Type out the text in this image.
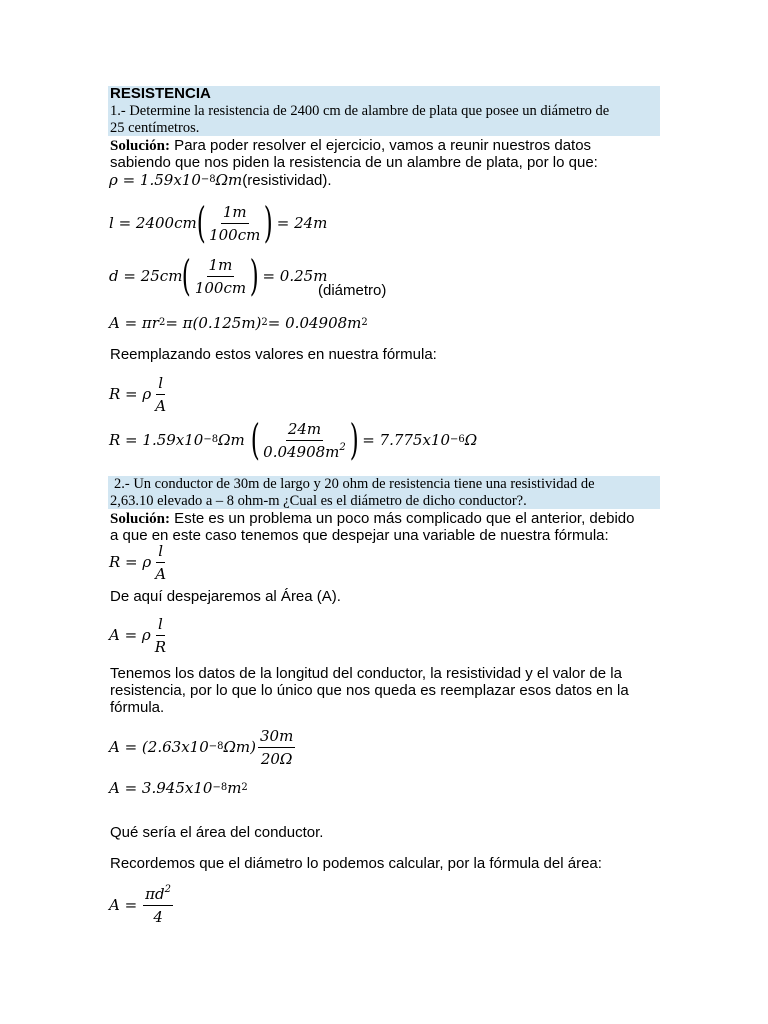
RESISTENCIA
1.- Determine la resistencia de 2400 cm de alambre de plata que posee un diámetro de
25 centímetros.
Solución: Para poder resolver el ejercicio, vamos a reunir nuestros datos
sabiendo que nos piden la resistencia de un alambre de plata, por lo que:
ρ = 1.59x10 −8 Ωm (resistividad).
l = 2400cm ( $\frac{1m}{100cm}$ ) = 24m
d = 25cm ( $\frac{1m}{100cm}$ ) = 0.25m
(diámetro)
A = πr 2 = π(0.125m) 2 = 0.04908m 2
Reemplazando estos valores en nuestra fórmula:
R = ρ $\frac{l}{A}$
R = 1.59x10 −8 Ωm ( $\frac{24m}{0.04908m^2}$ ) = 7.775x10 −6 Ω
2.- Un conductor de 30m de largo y 20 ohm de resistencia tiene una resistividad de
2,63.10 elevado a – 8 ohm-m ¿Cual es el diámetro de dicho conductor?.
Solución: Este es un problema un poco más complicado que el anterior, debido
a que en este caso tenemos que despejar una variable de nuestra fórmula:
R = ρ $\frac{l}{A}$
De aquí despejaremos al Área (A).
A = ρ $\frac{l}{R}$
Tenemos los datos de la longitud del conductor, la resistividad y el valor de la
resistencia, por lo que lo único que nos queda es reemplazar esos datos en la
fórmula.
A = (2.63x10 −8 $\Omega m) \frac{30m}{20\Omega}$
A = 3.945x10 −8 m 2
Qué sería el área del conductor.
Recordemos que el diámetro lo podemos calcular, por la fórmula del área:
$A = \frac{\pi d^2}{4}$
